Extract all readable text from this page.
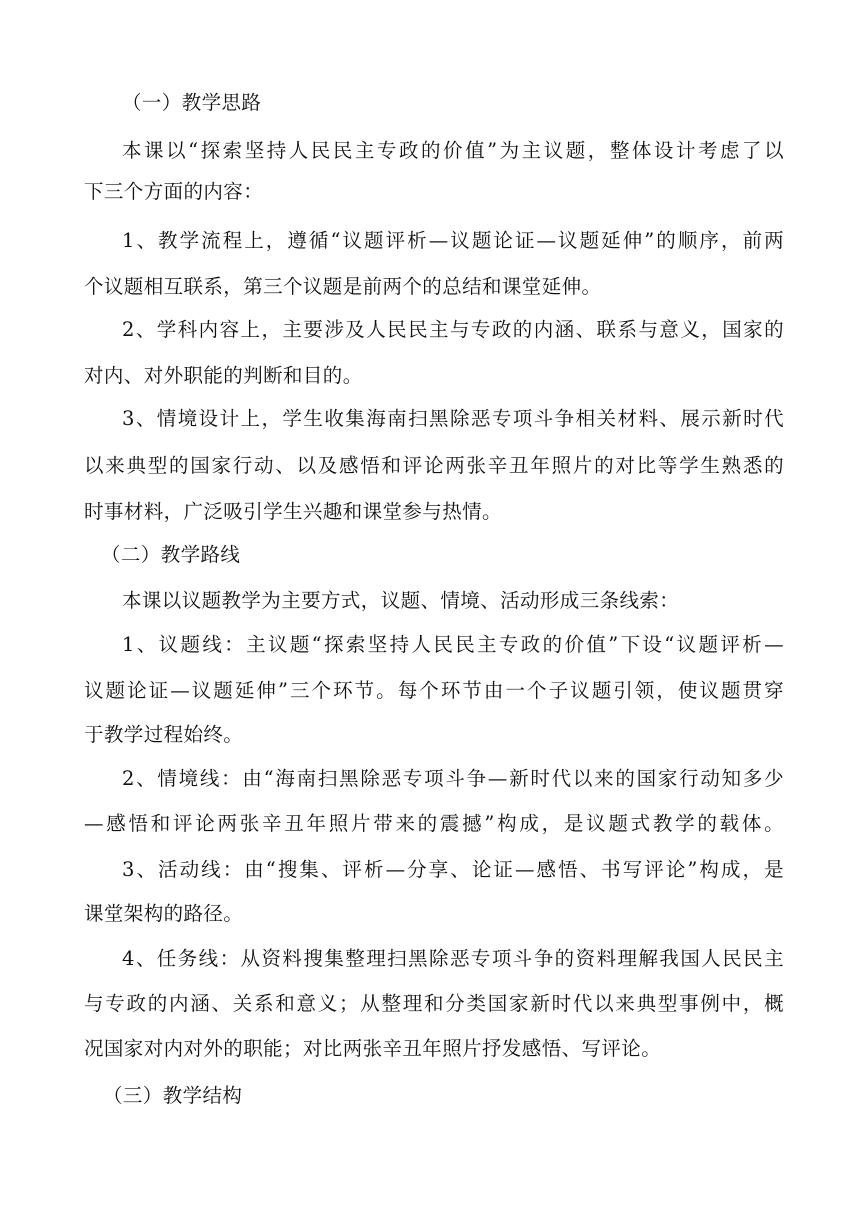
（一）教学思路
本课以“探索坚持人民民主专政的价值”为主议题，整体设计考虑了以
下三个方面的内容：
1、教学流程上，遵循“议题评析—议题论证—议题延伸”的顺序，前两
个议题相互联系，第三个议题是前两个的总结和课堂延伸。
2、学科内容上，主要涉及人民民主与专政的内涵、联系与意义，国家的
对内、对外职能的判断和目的。
3、情境设计上，学生收集海南扫黑除恶专项斗争相关材料、展示新时代
以来典型的国家行动、以及感悟和评论两张辛丑年照片的对比等学生熟悉的
时事材料，广泛吸引学生兴趣和课堂参与热情。
（二）教学路线
本课以议题教学为主要方式，议题、情境、活动形成三条线索：
1、议题线：主议题“探索坚持人民民主专政的价值”下设“议题评析—
议题论证—议题延伸”三个环节。每个环节由一个子议题引领，使议题贯穿
于教学过程始终。
2、情境线：由“海南扫黑除恶专项斗争—新时代以来的国家行动知多少
—感悟和评论两张辛丑年照片带来的震撼”构成，是议题式教学的载体。
3、活动线：由“搜集、评析—分享、论证—感悟、书写评论”构成，是
课堂架构的路径。
4、任务线：从资料搜集整理扫黑除恶专项斗争的资料理解我国人民民主
与专政的内涵、关系和意义；从整理和分类国家新时代以来典型事例中，概
况国家对内对外的职能；对比两张辛丑年照片抒发感悟、写评论。
（三）教学结构
